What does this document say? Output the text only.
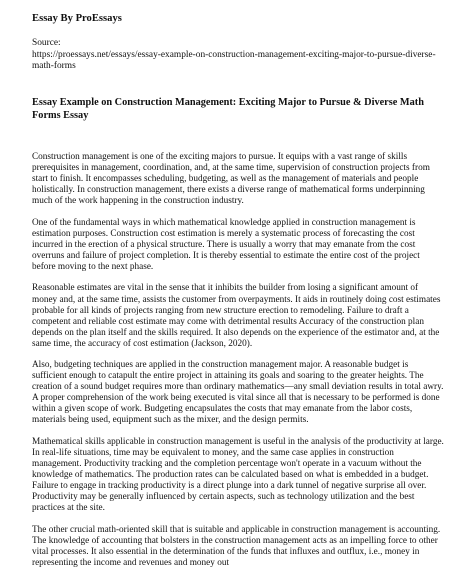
Essay By ProEssays
Source:
https://proessays.net/essays/essay-example-on-construction-management-exciting-major-to-pursue-diverse-math-forms
Essay Example on Construction Management: Exciting Major to Pursue & Diverse Math Forms Essay

Construction management is one of the exciting majors to pursue. It equips with a vast range of skills prerequisites in management, coordination, and, at the same time, supervision of construction projects from start to finish. It encompasses scheduling, budgeting, as well as the management of materials and people holistically. In construction management, there exists a diverse range of mathematical forms underpinning much of the work happening in the construction industry.

One of the fundamental ways in which mathematical knowledge applied in construction management is estimation purposes. Construction cost estimation is merely a systematic process of forecasting the cost incurred in the erection of a physical structure. There is usually a worry that may emanate from the cost overruns and failure of project completion. It is thereby essential to estimate the entire cost of the project before moving to the next phase.

Reasonable estimates are vital in the sense that it inhibits the builder from losing a significant amount of money and, at the same time, assists the customer from overpayments. It aids in routinely doing cost estimates probable for all kinds of projects ranging from new structure erection to remodeling. Failure to draft a competent and reliable cost estimate may come with detrimental results Accuracy of the construction plan depends on the plan itself and the skills required. It also depends on the experience of the estimator and, at the same time, the accuracy of cost estimation (Jackson, 2020).

Also, budgeting techniques are applied in the construction management major. A reasonable budget is sufficient enough to catapult the entire project in attaining its goals and soaring to the greater heights. The creation of a sound budget requires more than ordinary mathematics—any small deviation results in total awry. A proper comprehension of the work being executed is vital since all that is necessary to be performed is done within a given scope of work. Budgeting encapsulates the costs that may emanate from the labor costs, materials being used, equipment such as the mixer, and the design permits.

Mathematical skills applicable in construction management is useful in the analysis of the productivity at large. In real-life situations, time may be equivalent to money, and the same case applies in construction management. Productivity tracking and the completion percentage won't operate in a vacuum without the knowledge of mathematics. The production rates can be calculated based on what is embedded in a budget. Failure to engage in tracking productivity is a direct plunge into a dark tunnel of negative surprise all over. Productivity may be generally influenced by certain aspects, such as technology utilization and the best practices at the site.

The other crucial math-oriented skill that is suitable and applicable in construction management is accounting. The knowledge of accounting that bolsters in the construction management acts as an impelling force to other vital processes. It also essential in the determination of the funds that influxes and outflux, i.e., money in representing the income and revenues and money out
